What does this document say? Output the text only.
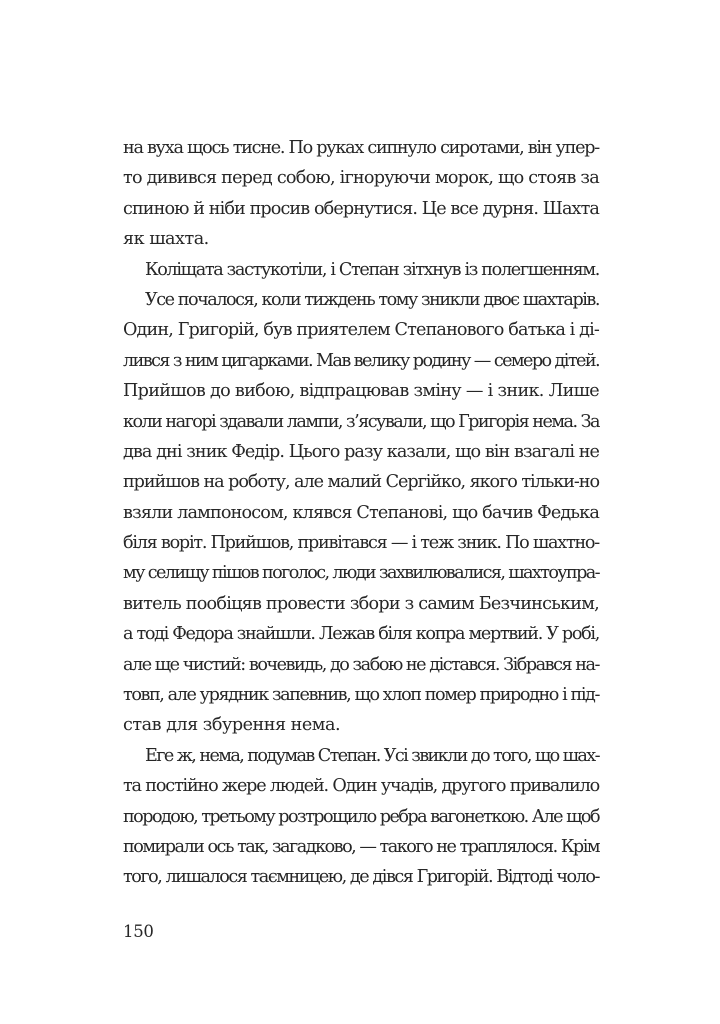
на вуха щось тисне. По руках сипнуло сиротами, він упер-
то дивився перед собою, ігноруючи морок, що стояв за
спиною й ніби просив обернутися. Це все дурня. Шахта
як шахта.
Коліщата застукотіли, і Степан зітхнув із полегшенням.
Усе почалося, коли тиждень тому зникли двоє шахтарів.
Один, Григорій, був приятелем Степанового батька і ді-
лився з ним цигарками. Мав велику родину — семеро дітей.
Прийшов до вибою, відпрацював зміну — і зник. Лише
коли нагорі здавали лампи, з’ясували, що Григорія нема. За
два дні зник Федір. Цього разу казали, що він взагалі не
прийшов на роботу, але малий Сергійко, якого тільки-но
взяли лампоносом, клявся Степанові, що бачив Федька
біля воріт. Прийшов, привітався — і теж зник. По шахтно-
му селищу пішов поголос, люди захвилювалися, шахтоупра-
витель пообіцяв провести збори з самим Безчинським,
а тоді Федора знайшли. Лежав біля копра мертвий. У робі,
але ще чистий: вочевидь, до забою не дістався. Зібрався на-
товп, але урядник запевнив, що хлоп помер природно і під-
став для збурення нема.
Еге ж, нема, подумав Степан. Усі звикли до того, що шах-
та постійно жере людей. Один учадів, другого привалило
породою, третьому розтрощило ребра вагонеткою. Але щоб
помирали ось так, загадково, — такого не траплялося. Крім
того, лишалося таємницею, де дівся Григорій. Відтоді чоло-
150
